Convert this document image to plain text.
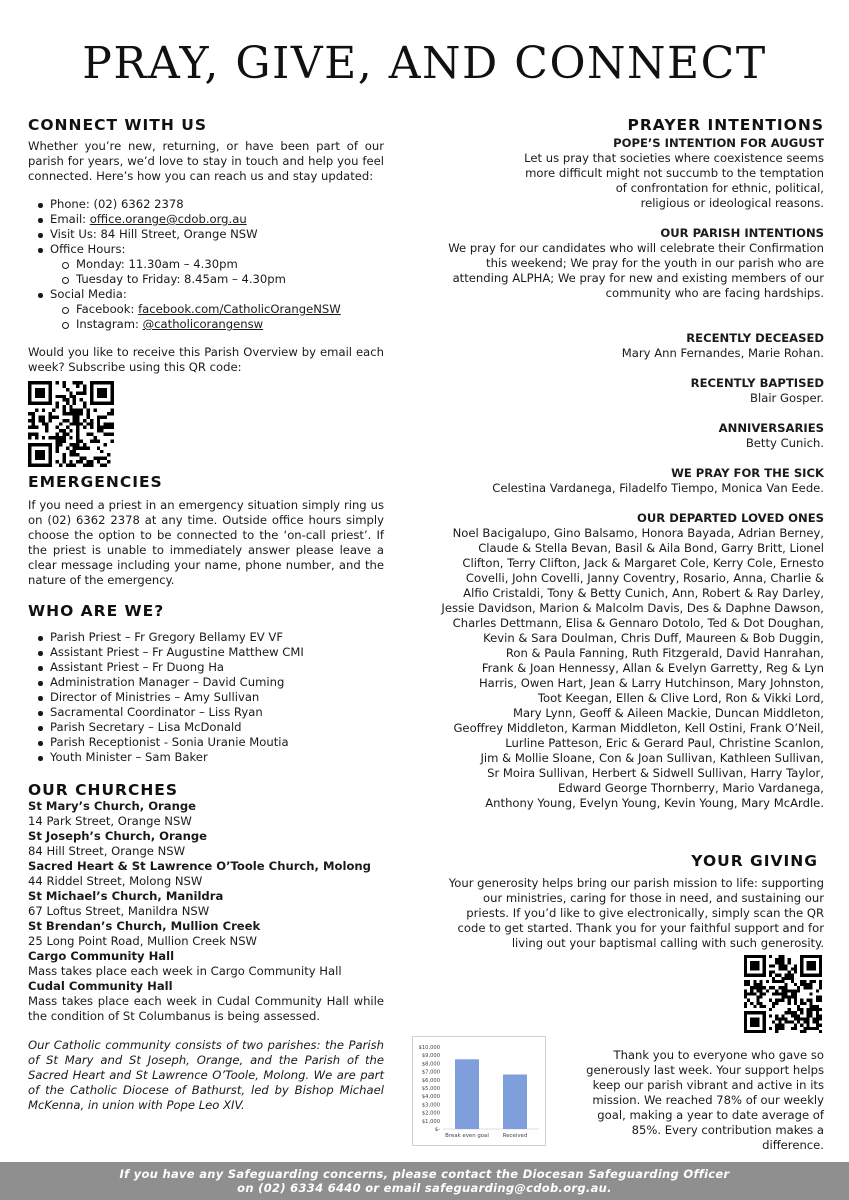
PRAY, GIVE, AND CONNECT
CONNECT WITH US

Whether you’re new, returning, or have been part of our parish for years, we’d love to stay in touch and help you feel connected. Here’s how you can reach us and stay updated:

Phone: (02) 6362 2378
Email: office.orange@cdob.org.au
Visit Us: 84 Hill Street, Orange NSW
Office Hours:
Monday: 11.30am – 4.30pm
Tuesday to Friday: 8.45am – 4.30pm
Social Media:
Facebook: facebook.com/CatholicOrangeNSW
Instagram: @catholicorangensw

Would you like to receive this Parish Overview by email each week? Subscribe using this QR code:

EMERGENCIES

If you need a priest in an emergency situation simply ring us on (02) 6362 2378 at any time. Outside office hours simply choose the option to be connected to the ‘on-call priest’. If the priest is unable to immediately answer please leave a clear message including your name, phone number, and the nature of the emergency.

WHO ARE WE?
Parish Priest – Fr Gregory Bellamy EV VF
Assistant Priest – Fr Augustine Matthew CMI
Assistant Priest – Fr Duong Ha
Administration Manager – David Cuming
Director of Ministries – Amy Sullivan
Sacramental Coordinator – Liss Ryan
Parish Secretary – Lisa McDonald
Parish Receptionist - Sonia Uranie Moutia
Youth Minister – Sam Baker
OUR CHURCHES
St Mary’s Church, Orange
14 Park Street, Orange NSW
St Joseph’s Church, Orange
84 Hill Street, Orange NSW
Sacred Heart & St Lawrence O’Toole Church, Molong
44 Riddel Street, Molong NSW
St Michael’s Church, Manildra
67 Loftus Street, Manildra NSW
St Brendan’s Church, Mullion Creek
25 Long Point Road, Mullion Creek NSW
Cargo Community Hall
Mass takes place each week in Cargo Community Hall
Cudal Community Hall
Mass takes place each week in Cudal Community Hall while the condition of St Columbanus is being assessed.

Our Catholic community consists of two parishes: the Parish of St Mary and St Joseph, Orange, and the Parish of the Sacred Heart and St Lawrence O’Toole, Molong. We are part of the Catholic Diocese of Bathurst, led by Bishop Michael McKenna, in union with Pope Leo XIV.

PRAYER INTENTIONS
POPE’S INTENTION FOR AUGUST
Let us pray that societies where coexistence seems
more difficult might not succumb to the temptation
of confrontation for ethnic, political,
religious or ideological reasons.
OUR PARISH INTENTIONS
We pray for our candidates who will celebrate their Confirmation
this weekend; We pray for the youth in our parish who are
attending ALPHA; We pray for new and existing members of our
community who are facing hardships.
RECENTLY DECEASED
Mary Ann Fernandes, Marie Rohan.
RECENTLY BAPTISED
Blair Gosper.
ANNIVERSARIES
Betty Cunich.
WE PRAY FOR THE SICK
Celestina Vardanega, Filadelfo Tiempo, Monica Van Eede.
OUR DEPARTED LOVED ONES
Noel Bacigalupo, Gino Balsamo, Honora Bayada, Adrian Berney,
Claude & Stella Bevan, Basil & Aila Bond, Garry Britt, Lionel
Clifton, Terry Clifton, Jack & Margaret Cole, Kerry Cole, Ernesto
Covelli, John Covelli, Janny Coventry, Rosario, Anna, Charlie &
Alfio Cristaldi, Tony & Betty Cunich, Ann, Robert & Ray Darley,
Jessie Davidson, Marion & Malcolm Davis, Des & Daphne Dawson,
Charles Dettmann, Elisa & Gennaro Dotolo, Ted & Dot Doughan,
Kevin & Sara Doulman, Chris Duff, Maureen & Bob Duggin,
Ron & Paula Fanning, Ruth Fitzgerald, David Hanrahan,
Frank & Joan Hennessy, Allan & Evelyn Garretty, Reg & Lyn
Harris, Owen Hart, Jean & Larry Hutchinson, Mary Johnston,
Toot Keegan, Ellen & Clive Lord, Ron & Vikki Lord,
Mary Lynn, Geoff & Aileen Mackie, Duncan Middleton,
Geoffrey Middleton, Karman Middleton, Kell Ostini, Frank O’Neil,
Lurline Patteson, Eric & Gerard Paul, Christine Scanlon,
Jim & Mollie Sloane, Con & Joan Sullivan, Kathleen Sullivan,
Sr Moira Sullivan, Herbert & Sidwell Sullivan, Harry Taylor,
Edward George Thornberry, Mario Vardanega,
Anthony Young, Evelyn Young, Kevin Young, Mary McArdle.
YOUR GIVING
Your generosity helps bring our parish mission to life: supporting
our ministries, caring for those in need, and sustaining our
priests. If you’d like to give electronically, simply scan the QR
code to get started. Thank you for your faithful support and for
living out your baptismal calling with such generosity.
$10,000
$9,000
$8,000
$7,000
$6,000
$5,000
$4,000
$3,000
$2,000
$1,000
$-
Break even goal	Received
Thank you to everyone who gave so
generously last week. Your support helps
keep our parish vibrant and active in its
mission. We reached 78% of our weekly
goal, making a year to date average of
85%. Every contribution makes a
difference.
If you have any Safeguarding concerns, please contact the Diocesan Safeguarding Officer
on (02) 6334 6440 or email safeguarding@cdob.org.au.
